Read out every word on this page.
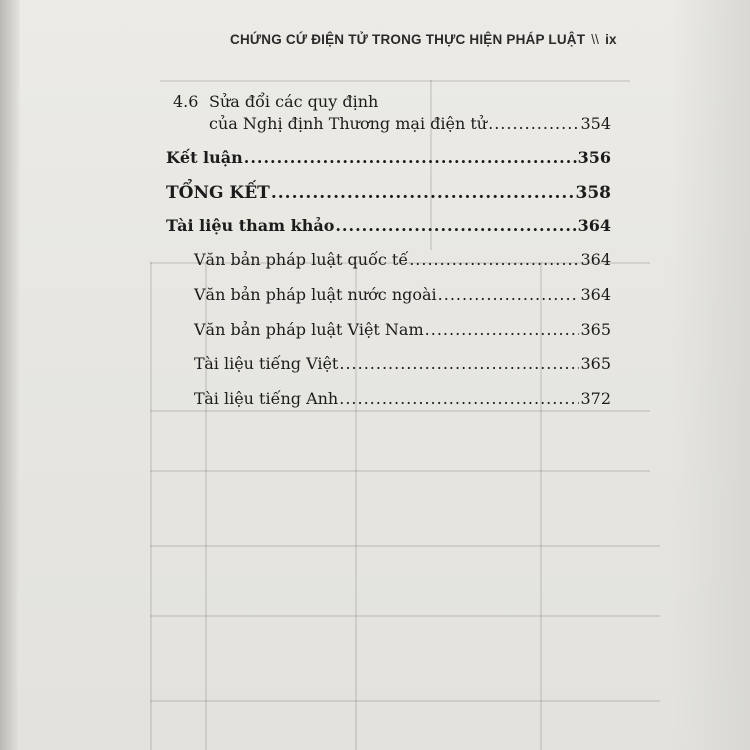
CHỨNG CỨ ĐIỆN TỬ TRONG THỰC HIỆN PHÁP LUẬT \\ ix
4.6 Sửa đổi các quy định
của Nghị định Thương mại điện tử .....	354
Kết luận .....	356
TỔNG KẾT .....	358
Tài liệu tham khảo .....	364
Văn bản pháp luật quốc tế .....	364
Văn bản pháp luật nước ngoài .....	364
Văn bản pháp luật Việt Nam .....	365
Tài liệu tiếng Việt .....	365
Tài liệu tiếng Anh .....	372
